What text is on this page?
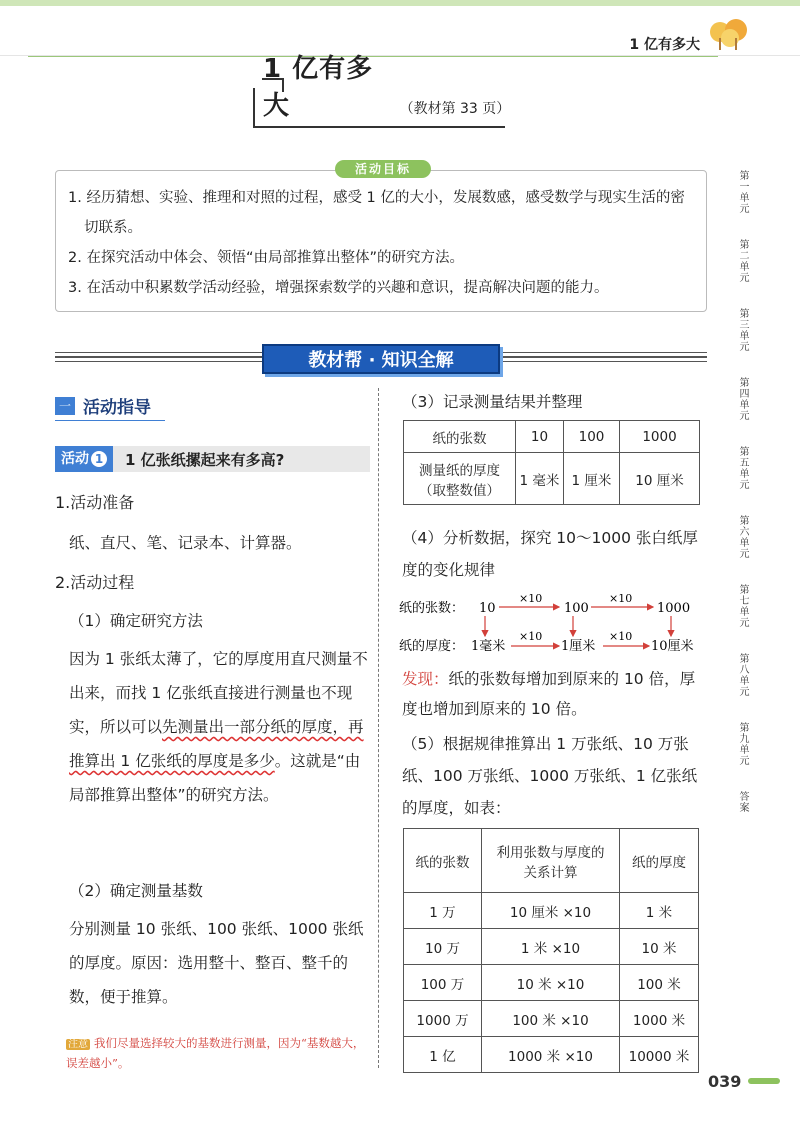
1 亿有多大
1 亿有多大	（教材第 33 页）
1. 经历猜想、实验、推理和对照的过程，感受 1 亿的大小，发展数感，感受数学与现实生活的密
切联系。
2. 在探究活动中体会、领悟“由局部推算出整体”的研究方法。
3. 在活动中积累数学活动经验，增强探索数学的兴趣和意识，提高解决问题的能力。
活动目标
教材帮 · 知识全解
一 活动指导
活动 1	1 亿张纸摞起来有多高?
1.活动准备
纸、直尺、笔、记录本、计算器。
2.活动过程
（1）确定研究方法
因为 1 张纸太薄了，它的厚度用直尺测量不出来，而找 1 亿张纸直接进行测量也不现实，所以可以先测量出一部分纸的厚度，再推算出 1 亿张纸的厚度是多少。这就是“由局部推算出整体”的研究方法。
（2）确定测量基数
分别测量 10 张纸、100 张纸、1000 张纸的厚度。原因：选用整十、整百、整千的数，便于推算。
注意 我们尽量选择较大的基数进行测量，因为“基数越大，误差越小”。
（3）记录测量结果并整理
纸的张数	10	100	1000

测量纸的厚度
（取整数值）	1 毫米	1 厘米	10 厘米
（4）分析数据，探究 10～1000 张白纸厚度的变化规律
纸的张数： 10	100	1000
×10	×10
纸的厚度： 1毫米	1厘米	10厘米
×10	×10
发现：纸的张数每增加到原来的 10 倍，厚度也增加到原来的 10 倍。
（5）根据规律推算出 1 万张纸、10 万张纸、100 万张纸、1000 万张纸、1 亿张纸的厚度，如表：
纸的张数	利用张数与厚度的关系计算	纸的厚度
1 万	10 厘米 ×10	1 米
10 万	1 米 ×10	10 米
100 万	10 米 ×10	100 米
1000 万	100 米 ×10	1000 米
1 亿	1000 米 ×10	10000 米
第一单元
第二单元
第三单元
第四单元
第五单元
第六单元
第七单元
第八单元
第九单元
答案
039
